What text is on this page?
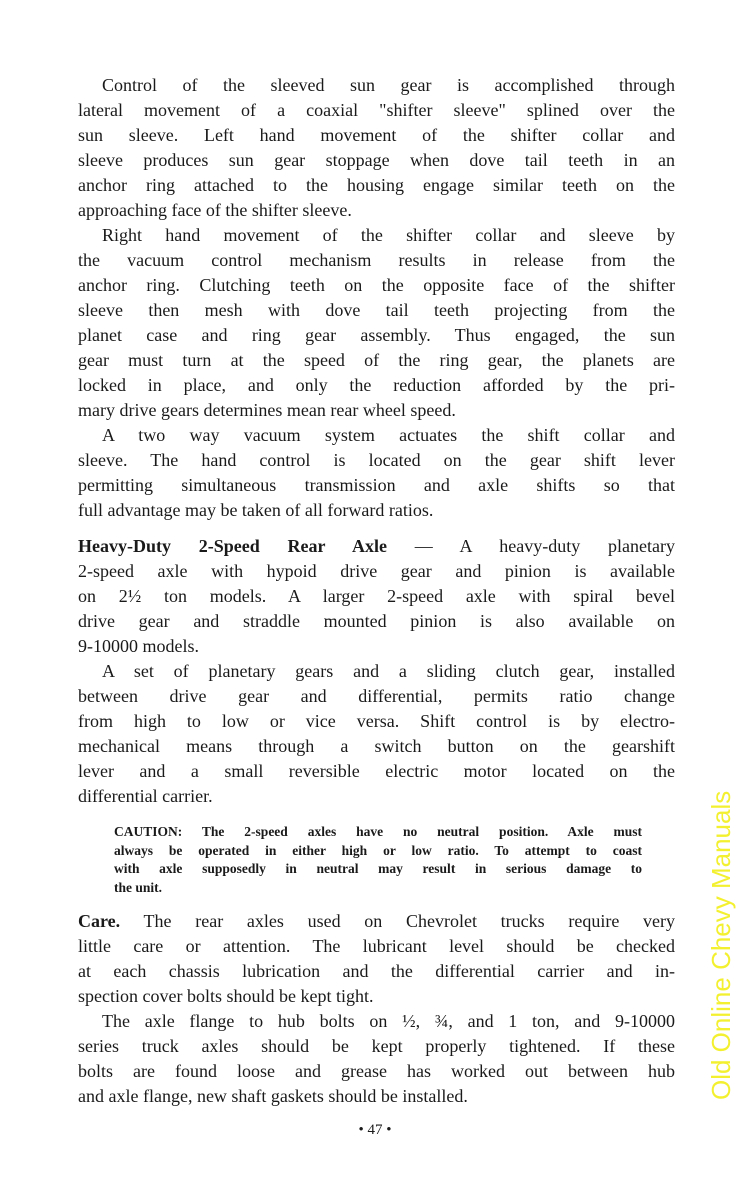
Control of the sleeved sun gear is accomplished through
lateral movement of a coaxial "shifter sleeve" splined over the
sun sleeve. Left hand movement of the shifter collar and
sleeve produces sun gear stoppage when dove tail teeth in an
anchor ring attached to the housing engage similar teeth on the
approaching face of the shifter sleeve.
Right hand movement of the shifter collar and sleeve by
the vacuum control mechanism results in release from the
anchor ring. Clutching teeth on the opposite face of the shifter
sleeve then mesh with dove tail teeth projecting from the
planet case and ring gear assembly. Thus engaged, the sun
gear must turn at the speed of the ring gear, the planets are
locked in place, and only the reduction afforded by the pri-
mary drive gears determines mean rear wheel speed.
A two way vacuum system actuates the shift collar and
sleeve. The hand control is located on the gear shift lever
permitting simultaneous transmission and axle shifts so that
full advantage may be taken of all forward ratios.
Heavy-Duty 2-Speed Rear Axle — A heavy-duty planetary
2-speed axle with hypoid drive gear and pinion is available
on 2½ ton models. A larger 2-speed axle with spiral bevel
drive gear and straddle mounted pinion is also available on
9-10000 models.
A set of planetary gears and a sliding clutch gear, installed
between drive gear and differential, permits ratio change
from high to low or vice versa. Shift control is by electro-
mechanical means through a switch button on the gearshift
lever and a small reversible electric motor located on the
differential carrier.
CAUTION: The 2-speed axles have no neutral position. Axle must
always be operated in either high or low ratio. To attempt to coast
with axle supposedly in neutral may result in serious damage to
the unit.
Care. The rear axles used on Chevrolet trucks require very
little care or attention. The lubricant level should be checked
at each chassis lubrication and the differential carrier and in-
spection cover bolts should be kept tight.
The axle flange to hub bolts on ½, ¾, and 1 ton, and 9-10000
series truck axles should be kept properly tightened. If these
bolts are found loose and grease has worked out between hub
and axle flange, new shaft gaskets should be installed.
• 47 •
Old Online Chevy Manuals
